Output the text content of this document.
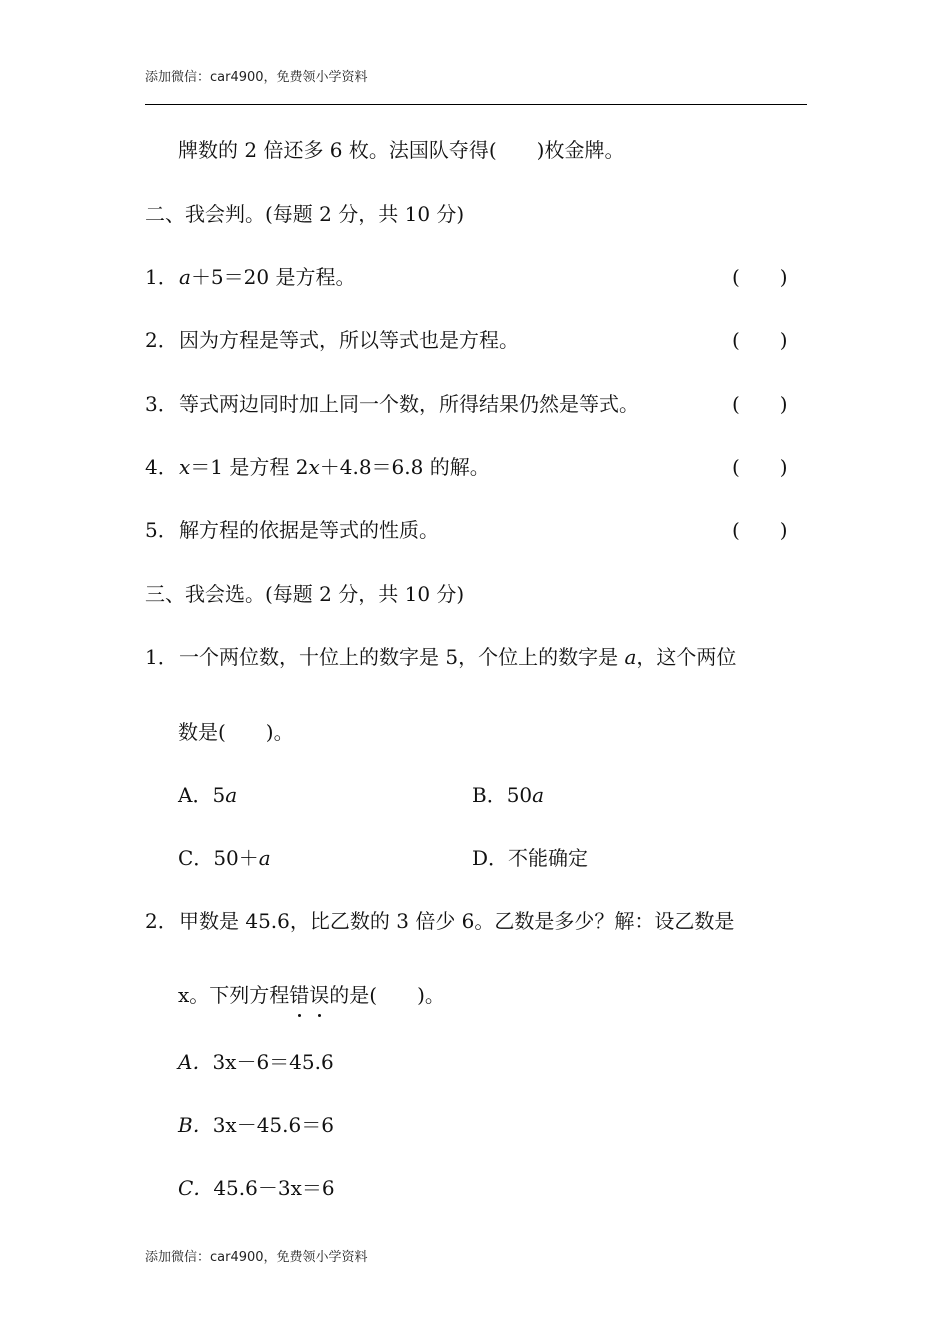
添加微信：car4900，免费领小学资料
牌数的 2 倍还多 6 枚。法国队夺得(　　)枚金牌。
二、我会判。(每题 2 分，共 10 分)
1．a＋5＝20 是方程。	(　　)
2．因为方程是等式，所以等式也是方程。	(　　)
3．等式两边同时加上同一个数，所得结果仍然是等式。	(　　)
4．x＝1 是方程 2x＋4.8＝6.8 的解。	(　　)
5．解方程的依据是等式的性质。	(　　)
三、我会选。(每题 2 分，共 10 分)
1．一个两位数，十位上的数字是 5，个位上的数字是 a，这个两位
数是(　　)。
A．5a	B．50a
C．50＋a	D．不能确定
2．甲数是 45.6，比乙数的 3 倍少 6。乙数是多少？解：设乙数是
x。下列方程错误的是(　　)。
A．3x－6＝45.6
B．3x－45.6＝6
C．45.6－3x＝6
添加微信：car4900，免费领小学资料
